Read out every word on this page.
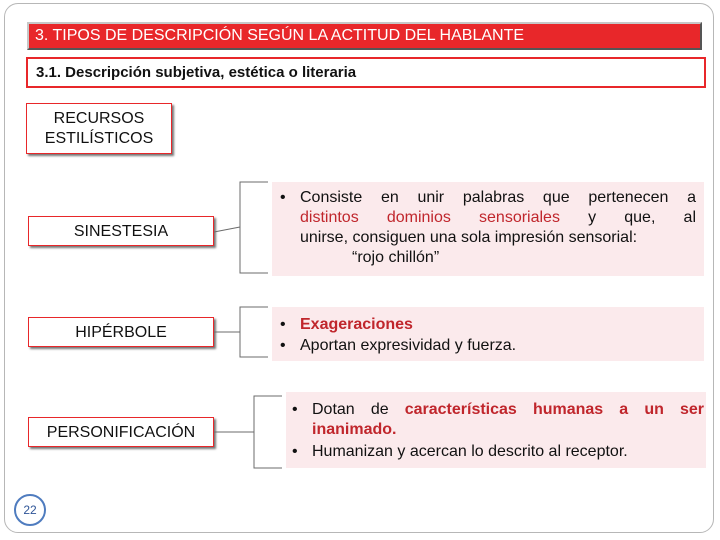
3. TIPOS DE DESCRIPCIÓN SEGÚN LA ACTITUD DEL HABLANTE
3.1. Descripción subjetiva, estética o literaria
RECURSOS
ESTILÍSTICOS
SINESTESIA
HIPÉRBOLE
PERSONIFICACIÓN
• Consiste en unir palabras que pertenecen a
distintos dominios sensoriales y que, al
unirse, consiguen una sola impresión sensorial:
“rojo chillón”
• Exageraciones
• Aportan expresividad y fuerza.
• Dotan de características humanas a un ser
inanimado.
• Humanizan y acercan lo descrito al receptor.
22
